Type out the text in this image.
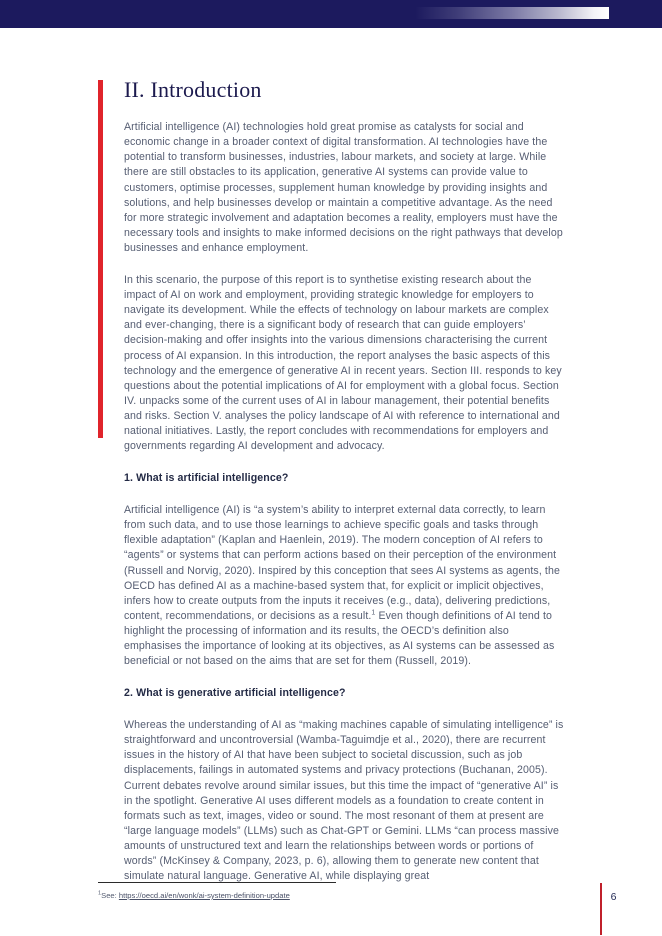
II. Introduction

Artificial intelligence (AI) technologies hold great promise as catalysts for social and economic change in a broader context of digital transformation. AI technologies have the potential to transform businesses, industries, labour markets, and society at large. While there are still obstacles to its application, generative AI systems can provide value to customers, optimise processes, supplement human knowledge by providing insights and solutions, and help businesses develop or maintain a competitive advantage. As the need for more strategic involvement and adaptation becomes a reality, employers must have the necessary tools and insights to make informed decisions on the right pathways that develop businesses and enhance employment.

In this scenario, the purpose of this report is to synthetise existing research about the impact of AI on work and employment, providing strategic knowledge for employers to navigate its development. While the effects of technology on labour markets are complex and ever-changing, there is a significant body of research that can guide employers’ decision-making and offer insights into the various dimensions characterising the current process of AI expansion. In this introduction, the report analyses the basic aspects of this technology and the emergence of generative AI in recent years. Section III. responds to key questions about the potential implications of AI for employment with a global focus. Section IV. unpacks some of the current uses of AI in labour management, their potential benefits and risks. Section V. analyses the policy landscape of AI with reference to international and national initiatives. Lastly, the report concludes with recommendations for employers and governments regarding AI development and advocacy.

1. What is artificial intelligence?

Artificial intelligence (AI) is “a system’s ability to interpret external data correctly, to learn from such data, and to use those learnings to achieve specific goals and tasks through flexible adaptation” (Kaplan and Haenlein, 2019). The modern conception of AI refers to “agents” or systems that can perform actions based on their perception of the environment (Russell and Norvig, 2020). Inspired by this conception that sees AI systems as agents, the OECD has defined AI as a machine-based system that, for explicit or implicit objectives, infers how to create outputs from the inputs it receives (e.g., data), delivering predictions, content, recommendations, or decisions as a result.$^1$ Even though definitions of AI tend to highlight the processing of information and its results, the OECD’s definition also emphasises the importance of looking at its objectives, as AI systems can be assessed as beneficial or not based on the aims that are set for them (Russell, 2019).

2. What is generative artificial intelligence?

Whereas the understanding of AI as “making machines capable of simulating intelligence” is straightforward and uncontroversial (Wamba-Taguimdje et al., 2020), there are recurrent issues in the history of AI that have been subject to societal discussion, such as job displacements, failings in automated systems and privacy protections (Buchanan, 2005). Current debates revolve around similar issues, but this time the impact of “generative AI” is in the spotlight. Generative AI uses different models as a foundation to create content in formats such as text, images, video or sound. The most resonant of them at present are “large language models” (LLMs) such as Chat-GPT or Gemini. LLMs “can process massive amounts of unstructured text and learn the relationships between words or portions of words” (McKinsey & Company, 2023, p. 6), allowing them to generate new content that simulate natural language. Generative AI, while displaying great

$^1$See: https://oecd.ai/en/wonk/ai-system-definition-update	6
